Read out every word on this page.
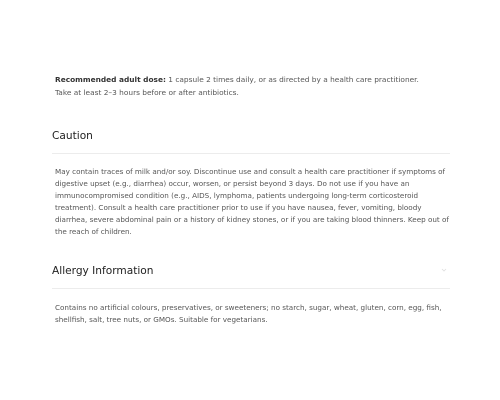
Recommended adult dose: 1 capsule 2 times daily, or as directed by a health care practitioner.
Take at least 2–3 hours before or after antibiotics.
Caution
May contain traces of milk and/or soy. Discontinue use and consult a health care practitioner if symptoms of
digestive upset (e.g., diarrhea) occur, worsen, or persist beyond 3 days. Do not use if you have an
immunocompromised condition (e.g., AIDS, lymphoma, patients undergoing long-term corticosteroid
treatment). Consult a health care practitioner prior to use if you have nausea, fever, vomiting, bloody
diarrhea, severe abdominal pain or a history of kidney stones, or if you are taking blood thinners. Keep out of
the reach of children.
Allergy Information
Contains no artificial colours, preservatives, or sweeteners; no starch, sugar, wheat, gluten, corn, egg, fish,
shellfish, salt, tree nuts, or GMOs. Suitable for vegetarians.
